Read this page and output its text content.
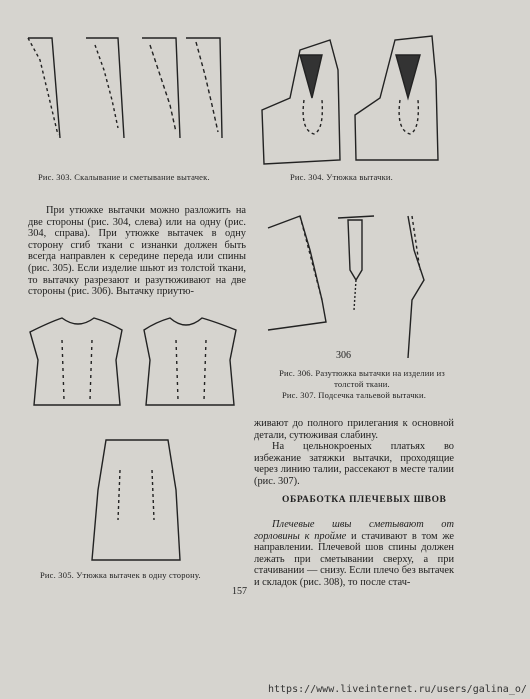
Рис. 303. Скалывание и сметывание вытачек.	Рис. 304. Утюжка вытачки.
306
Рис. 306. Разутюжка вытачки на изделии из толстой ткани.
Рис. 307. Подсечка тальевой вытачки.
Рис. 305. Утюжка вытачек в одну сторону.
При утюжке вытачки можно разложить на две стороны (рис. 304, слева) или на одну (рис. 304, справа). При утюжке вытачек в одну сторону сгиб ткани с изнанки должен быть всегда направлен к середине переда или спины (рис. 305). Если изделие шьют из толстой ткани, то вытачку разрезают и разутюживают на две стороны (рис. 306). Вытачку приутю-
живают до полного прилегания к основной детали, сутюживая слабину.
На цельнокроеных платьях во избежание затяжки вытачки, проходящие через линию талии, рассекают в месте талии (рис. 307).
ОБРАБОТКА ПЛЕЧЕВЫХ ШВОВ
Плечевые швы сметывают от горловины к пройме и стачивают в том же направлении. Плечевой шов спины должен лежать при сметывании сверху, а при стачивании — снизу. Если плечо без вытачек и складок (рис. 308), то после стач-
157
https://www.liveinternet.ru/users/galina_o/
